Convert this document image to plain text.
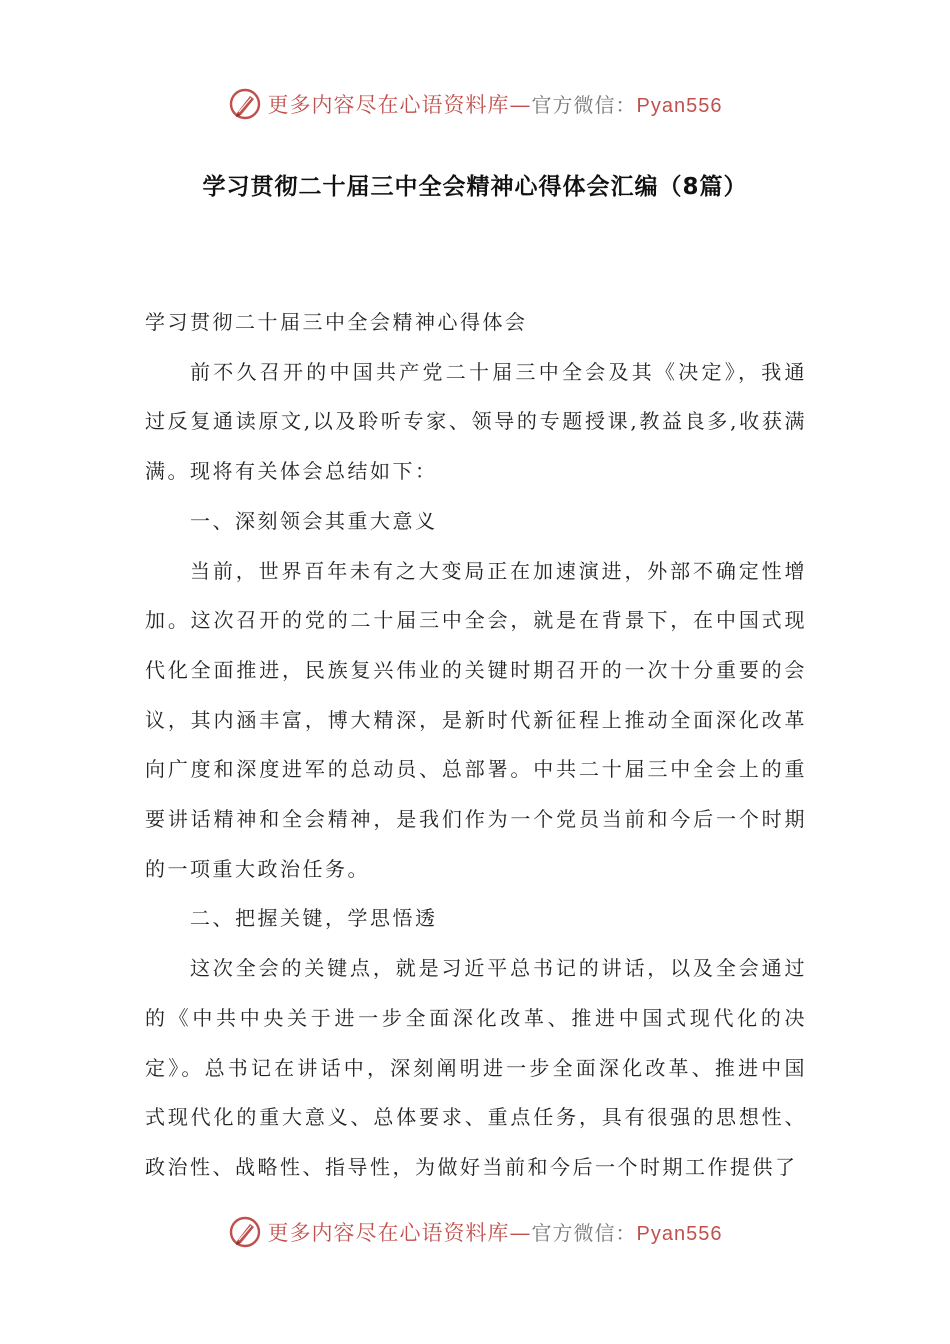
更多内容尽在心语资料库—官方微信：Pyan556
学习贯彻二十届三中全会精神心得体会汇编（8篇）

学习贯彻二十届三中全会精神心得体会

前不久召开的中国共产党二十届三中全会及其《决定》，我通过反复通读原文,以及聆听专家、领导的专题授课,教益良多,收获满满。现将有关体会总结如下：

一、深刻领会其重大意义

当前，世界百年未有之大变局正在加速演进，外部不确定性增加。这次召开的党的二十届三中全会，就是在背景下，在中国式现代化全面推进，民族复兴伟业的关键时期召开的一次十分重要的会议，其内涵丰富，博大精深，是新时代新征程上推动全面深化改革向广度和深度进军的总动员、总部署。中共二十届三中全会上的重要讲话精神和全会精神，是我们作为一个党员当前和今后一个时期的一项重大政治任务。

二、把握关键，学思悟透

这次全会的关键点，就是习近平总书记的讲话，以及全会通过的《中共中央关于进一步全面深化改革、推进中国式现代化的决定》。总书记在讲话中，深刻阐明进一步全面深化改革、推进中国式现代化的重大意义、总体要求、重点任务，具有很强的思想性、政治性、战略性、指导性，为做好当前和今后一个时期工作提供了

更多内容尽在心语资料库—官方微信：Pyan556
